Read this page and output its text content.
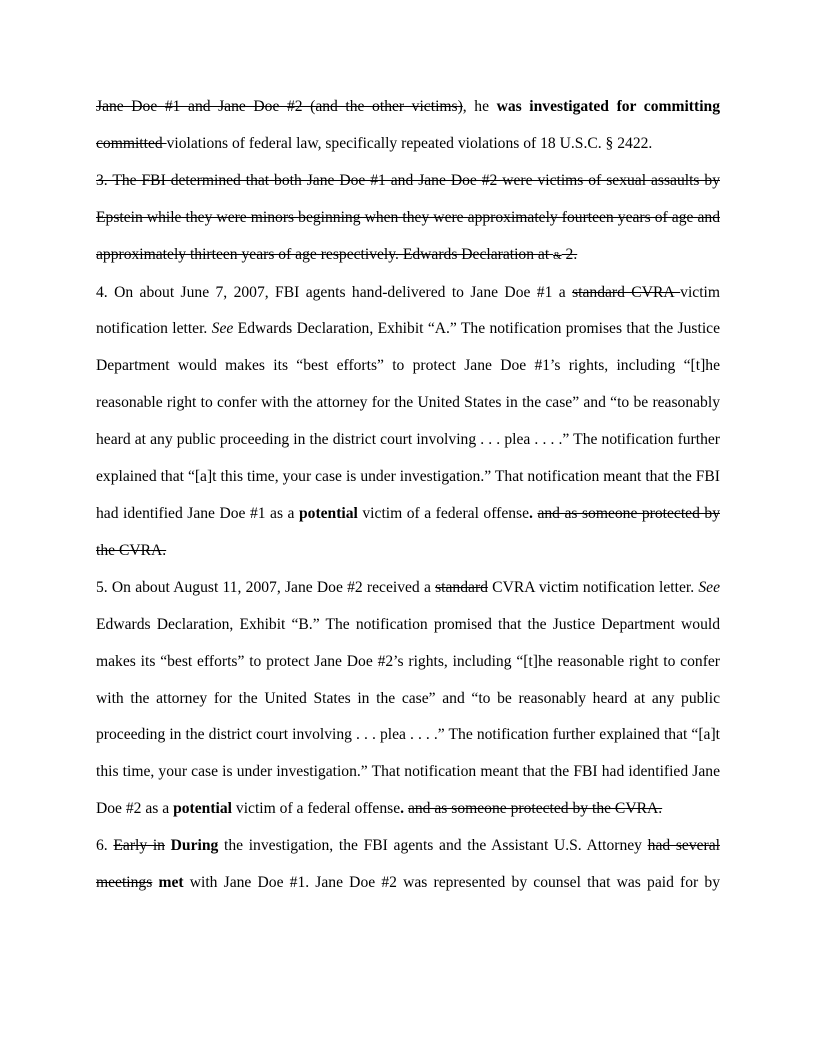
Jane Doe #1 and Jane Doe #2 (and the other victims), he was investigated for committing committed violations of federal law, specifically repeated violations of 18 U.S.C. § 2422.

3. The FBI determined that both Jane Doe #1 and Jane Doe #2 were victims of sexual assaults by Epstein while they were minors beginning when they were approximately fourteen years of age and approximately thirteen years of age respectively. Edwards Declaration at & 2.

4. On about June 7, 2007, FBI agents hand-delivered to Jane Doe #1 a standard CVRA victim notification letter. See Edwards Declaration, Exhibit “A.” The notification promises that the Justice Department would makes its “best efforts” to protect Jane Doe #1’s rights, including “[t]he reasonable right to confer with the attorney for the United States in the case” and “to be reasonably heard at any public proceeding in the district court involving . . . plea . . . .” The notification further explained that “[a]t this time, your case is under investigation.” That notification meant that the FBI had identified Jane Doe #1 as a potential victim of a federal offense. and as someone protected by the CVRA.

5. On about August 11, 2007, Jane Doe #2 received a standard CVRA victim notification letter. See Edwards Declaration, Exhibit “B.” The notification promised that the Justice Department would makes its “best efforts” to protect Jane Doe #2’s rights, including “[t]he reasonable right to confer with the attorney for the United States in the case” and “to be reasonably heard at any public proceeding in the district court involving . . . plea . . . .” The notification further explained that “[a]t this time, your case is under investigation.” That notification meant that the FBI had identified Jane Doe #2 as a potential victim of a federal offense. and as someone protected by the CVRA.

6. Early in During the investigation, the FBI agents and the Assistant U.S. Attorney had several meetings met with Jane Doe #1. Jane Doe #2 was represented by counsel that was paid for by
